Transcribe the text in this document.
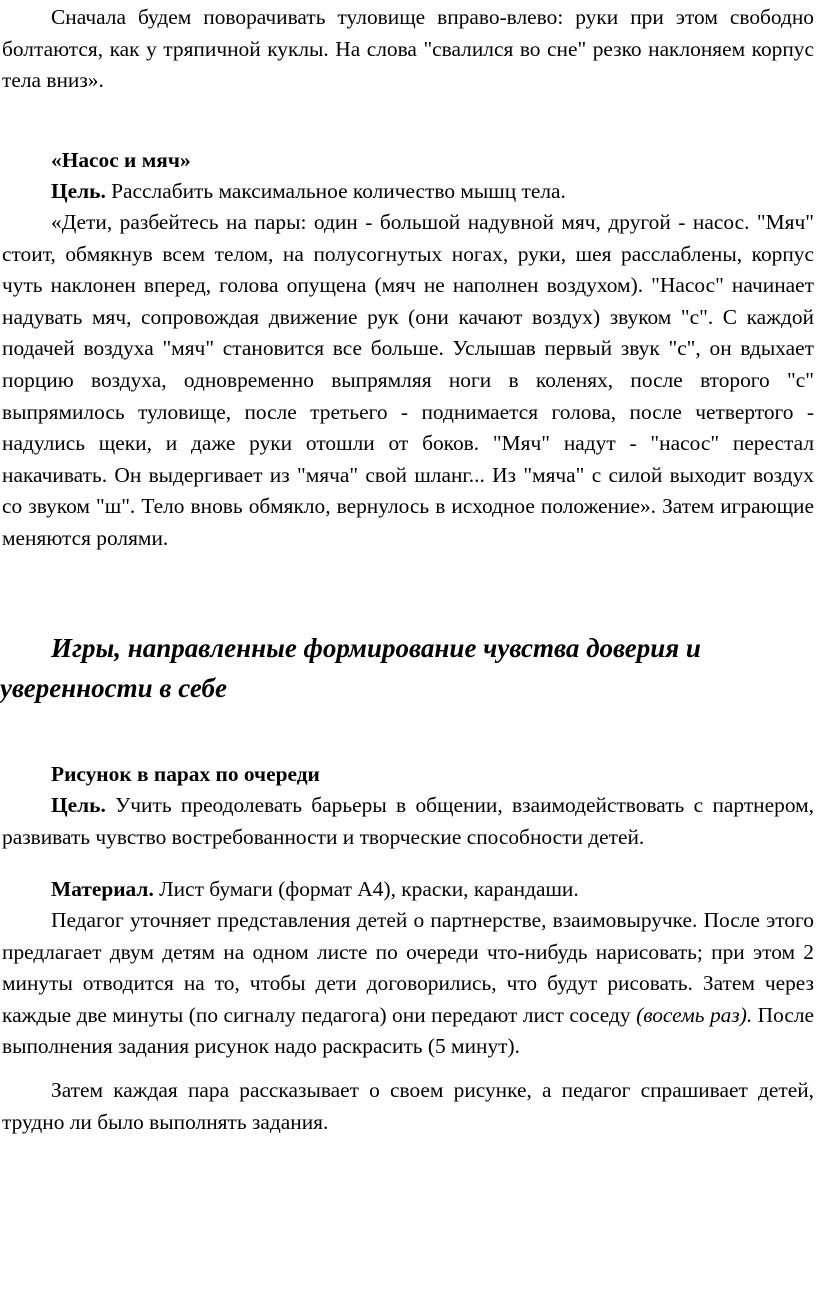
Сначала будем поворачивать туловище вправо-влево: руки при этом свободно болтаются, как у тряпичной куклы. На слова "свалился во сне" резко наклоняем корпус тела вниз».

«Насос и мяч»

Цель. Расслабить максимальное количество мышц тела.

«Дети, разбейтесь на пары: один - большой надувной мяч, другой - насос. "Мяч" стоит, обмякнув всем телом, на полусогнутых ногах, руки, шея расслаблены, корпус чуть наклонен вперед, голова опущена (мяч не наполнен воздухом). "Насос" начинает надувать мяч, сопровождая движение рук (они качают воздух) звуком "с". С каждой подачей воздуха "мяч" становится все больше. Услышав первый звук "с", он вдыхает порцию воздуха, одновременно выпрямляя ноги в коленях, после второго "с" выпрямилось туловище, после третьего - поднимается голова, после четвертого - надулись щеки, и даже руки отошли от боков. "Мяч" надут - "насос" перестал накачивать. Он выдергивает из "мяча" свой шланг... Из "мяча" с силой выходит воздух со звуком "ш". Тело вновь обмякло, вернулось в исходное положение». Затем играющие меняются ролями.

Игры, направленные формирование чувства доверия и уверенности в себе

Рисунок в парах по очереди

Цель. Учить преодолевать барьеры в общении, взаимодействовать с партнером, развивать чувство востребованности и творческие способности детей.

Материал. Лист бумаги (формат А4), краски, карандаши.

Педагог уточняет представления детей о партнерстве, взаимовыручке. После этого предлагает двум детям на одном листе по очереди что-нибудь нарисовать; при этом 2 минуты отводится на то, чтобы дети договорились, что будут рисовать. Затем через каждые две минуты (по сигналу педагога) они передают лист соседу (восемь раз). После выполнения задания рисунок надо раскрасить (5 минут).

Затем каждая пара рассказывает о своем рисунке, а педагог спрашивает детей, трудно ли было выполнять задания.
